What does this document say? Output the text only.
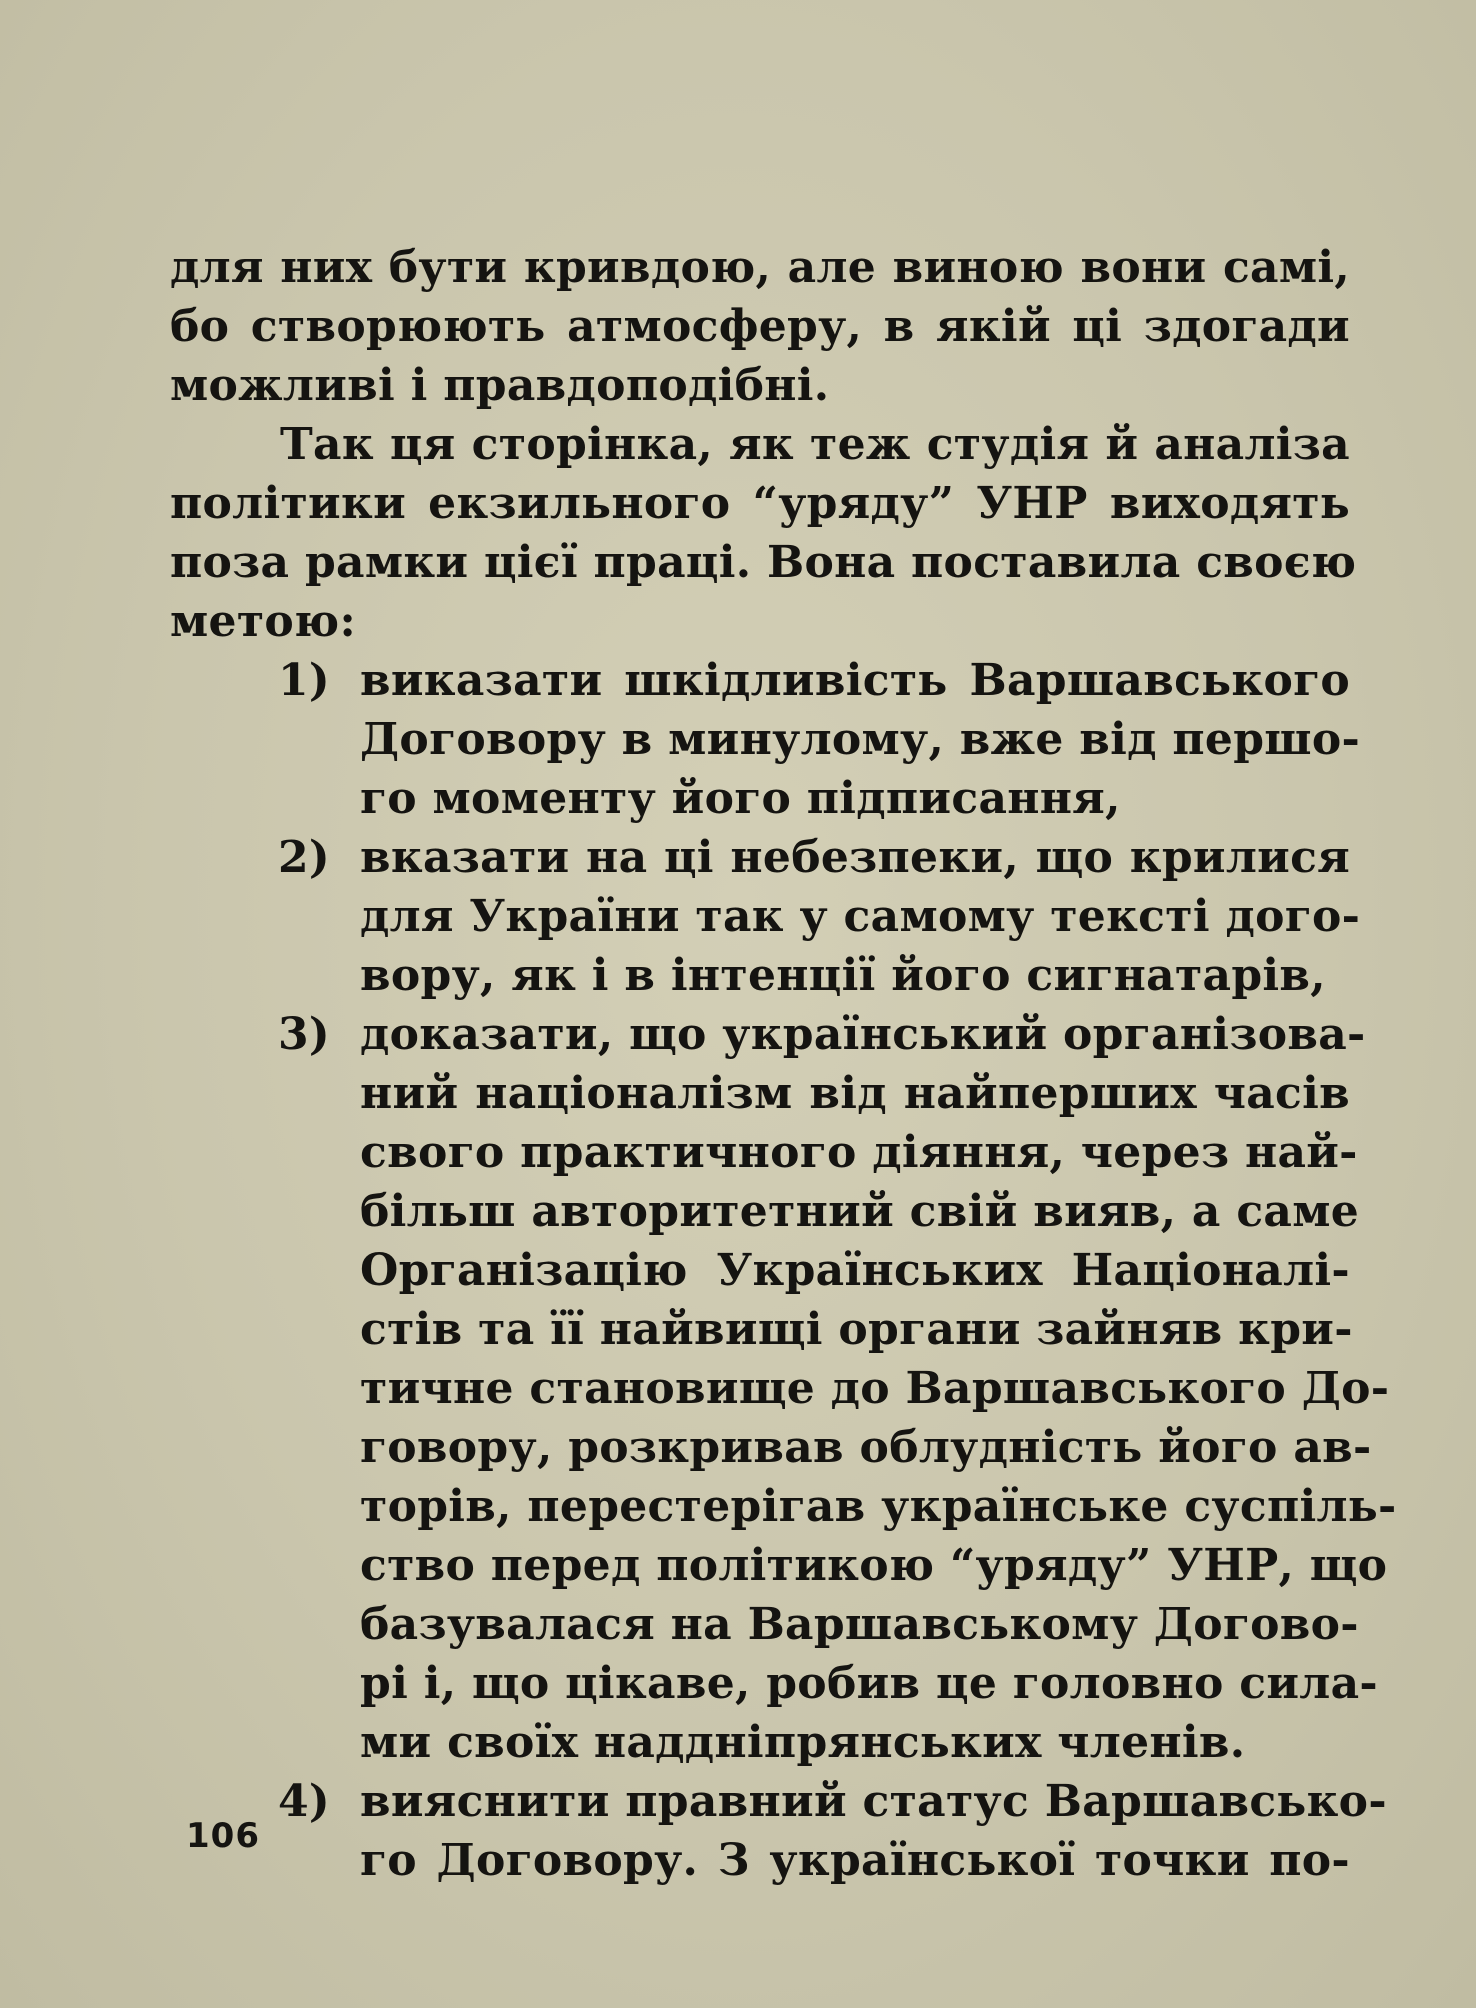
для них бути кривдою, але виною вони самі,
бо створюють атмосферу, в якій ці здогади
можливі і правдоподібні.
Так ця сторінка, як теж студія й аналіза
політики екзильного “уряду” УНР виходять
поза рамки цієї праці. Вона поставила своєю
метою:
1) виказати шкідливість Варшавського
Договору в минулому, вже від першо-
го моменту його підписання,
2) вказати на ці небезпеки, що крилися
для України так у самому тексті дого-
вору, як і в інтенції його сигнатарів,
3) доказати, що український організова-
ний націоналізм від найперших часів
свого практичного діяння, через най-
більш авторитетний свій вияв, а саме
Організацію Українських Націоналі-
стів та її найвищі органи зайняв кри-
тичне становище до Варшавського До-
говору, розкривав облудність його ав-
торів, перестерігав українське суспіль-
ство перед політикою “уряду” УНР, що
базувалася на Варшавському Догово-
рі і, що цікаве, робив це головно сила-
ми своїх наддніпрянських членів.
4) вияснити правний статус Варшавсько-
го Договору. З української точки по-
106
